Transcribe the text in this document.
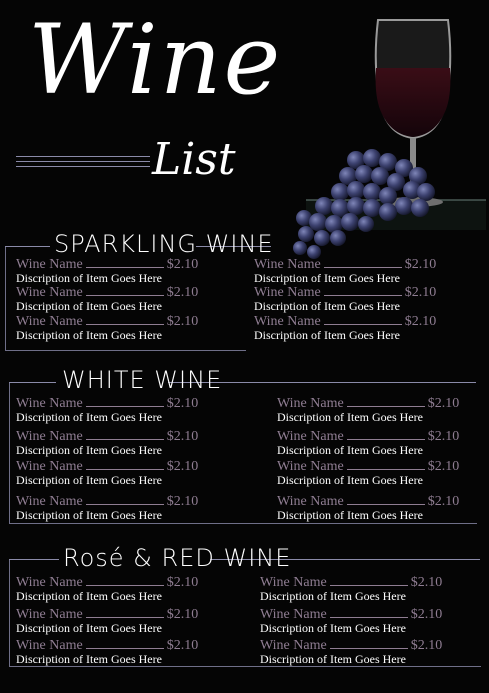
Wine
List
SPARKLING WINE
Wine Name	$2.10
Discription of Item Goes Here
Wine Name	$2.10
Discription of Item Goes Here
Wine Name	$2.10
Discription of Item Goes Here
Wine Name	$2.10
Discription of Item Goes Here
Wine Name	$2.10
Discription of Item Goes Here
Wine Name	$2.10
Discription of Item Goes Here
WHITE WINE
Wine Name	$2.10
Discription of Item Goes Here
Wine Name	$2.10
Discription of Item Goes Here
Wine Name	$2.10
Discription of Item Goes Here
Wine Name	$2.10
Discription of Item Goes Here
Wine Name	$2.10
Discription of Item Goes Here
Wine Name	$2.10
Discription of Item Goes Here
Wine Name	$2.10
Discription of Item Goes Here
Wine Name	$2.10
Discription of Item Goes Here
Rosé & RED WINE
Wine Name	$2.10
Discription of Item Goes Here
Wine Name	$2.10
Discription of Item Goes Here
Wine Name	$2.10
Discription of Item Goes Here
Wine Name	$2.10
Discription of Item Goes Here
Wine Name	$2.10
Discription of Item Goes Here
Wine Name	$2.10
Discription of Item Goes Here
